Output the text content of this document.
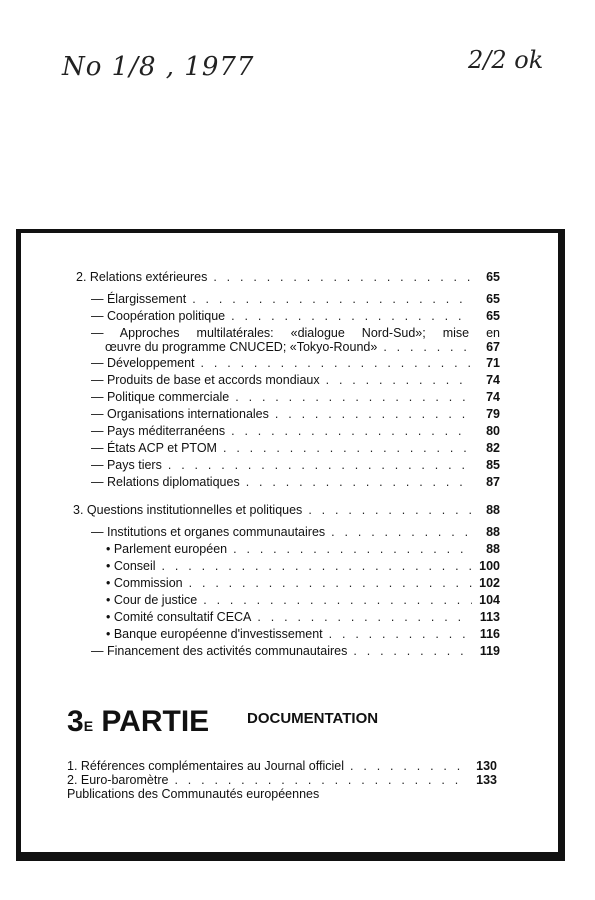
No 1/8 , 1977	2/2 ok
2. Relations extérieures . . .	65
— Élargissement . . .	65
— Coopération politique . . .	65
— Approches multilatérales: «dialogue Nord-Sud»; mise en
œuvre du programme CNUCED; «Tokyo-Round» . . .	67
— Développement . . .	71
— Produits de base et accords mondiaux . . .	74
— Politique commerciale . . .	74
— Organisations internationales . . .	79
— Pays méditerranéens . . .	80
— États ACP et PTOM . . .	82
— Pays tiers . . .	85
— Relations diplomatiques . . .	87
3. Questions institutionnelles et politiques . . .	88
— Institutions et organes communautaires . . .	88
• Parlement européen . . .	88
• Conseil . . .	100
• Commission . . .	102
• Cour de justice . . .	104
• Comité consultatif CECA . . .	113
• Banque européenne d'investissement . . .	116
— Financement des activités communautaires . . .	119
$3^E$ PARTIE	DOCUMENTATION
1. Références complémentaires au Journal officiel . . .	130
2. Euro-baromètre . . .	133
Publications des Communautés européennes
